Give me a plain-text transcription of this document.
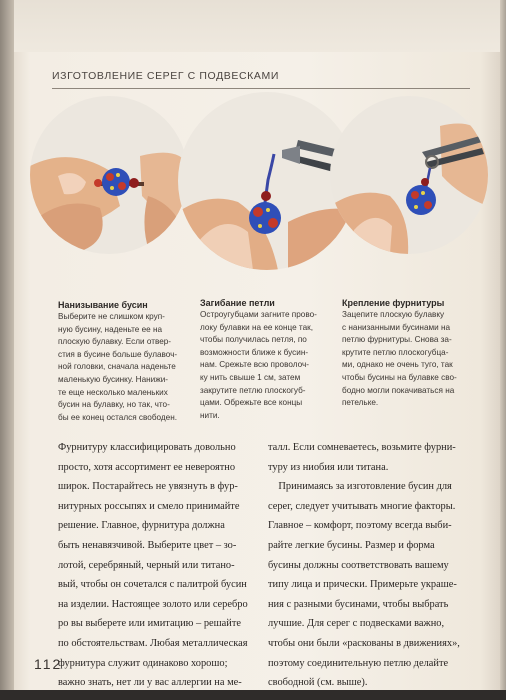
ИЗГОТОВЛЕНИЕ СЕРЕГ С ПОДВЕСКАМИ
Нанизывание бусин
Выберите не слишком круп-
ную бусину, наденьте ее на
плоскую булавку. Если отвер-
стия в бусине больше булавоч-
ной головки, сначала наденьте
маленькую бусинку. Нанижи-
те еще несколько маленьких
бусин на булавку, но так, что-
бы ее конец остался свободен.
Загибание петли
Остроугубцами загните прово-
локу булавки на ее конце так,
чтобы получилась петля, по
возможности ближе к бусин-
нам. Срежьте всю проволоч-
ку нить свыше 1 см, затем
закрутите петлю плоскогуб-
цами. Обрежьте все концы
нити.
Крепление фурнитуры
Зацепите плоскую булавку
с нанизанными бусинами на
петлю фурнитуры. Снова за-
крутите петлю плоскогубца-
ми, однако не очень туго, так
чтобы бусины на булавке сво-
бодно могли покачиваться на
петельке.
Фурнитуру классифицировать довольно
просто, хотя ассортимент ее невероятно
широк. Постарайтесь не увязнуть в фур-
нитурных россыпях и смело принимайте
решение. Главное, фурнитура должна
быть ненавязчивой. Выберите цвет – зо-
лотой, серебряный, черный или титано-
вый, чтобы он сочетался с палитрой бусин
на изделии. Настоящее золото или серебро
ро вы выберете или имитацию – решайте
по обстоятельствам. Любая металлическая
фурнитура служит одинаково хорошо;
важно знать, нет ли у вас аллергии на ме-
талл. Если сомневаетесь, возьмите фурни-
туру из ниобия или титана.
Принимаясь за изготовление бусин для
серег, следует учитывать многие факторы.
Главное – комфорт, поэтому всегда выби-
райте легкие бусины. Размер и форма
бусины должны соответствовать вашему
типу лица и прически. Примерьте украше-
ния с разными бусинами, чтобы выбрать
лучшие. Для серег с подвесками важно,
чтобы они были «раскованы в движениях»,
поэтому соединительную петлю делайте
свободной (см. выше).
112
